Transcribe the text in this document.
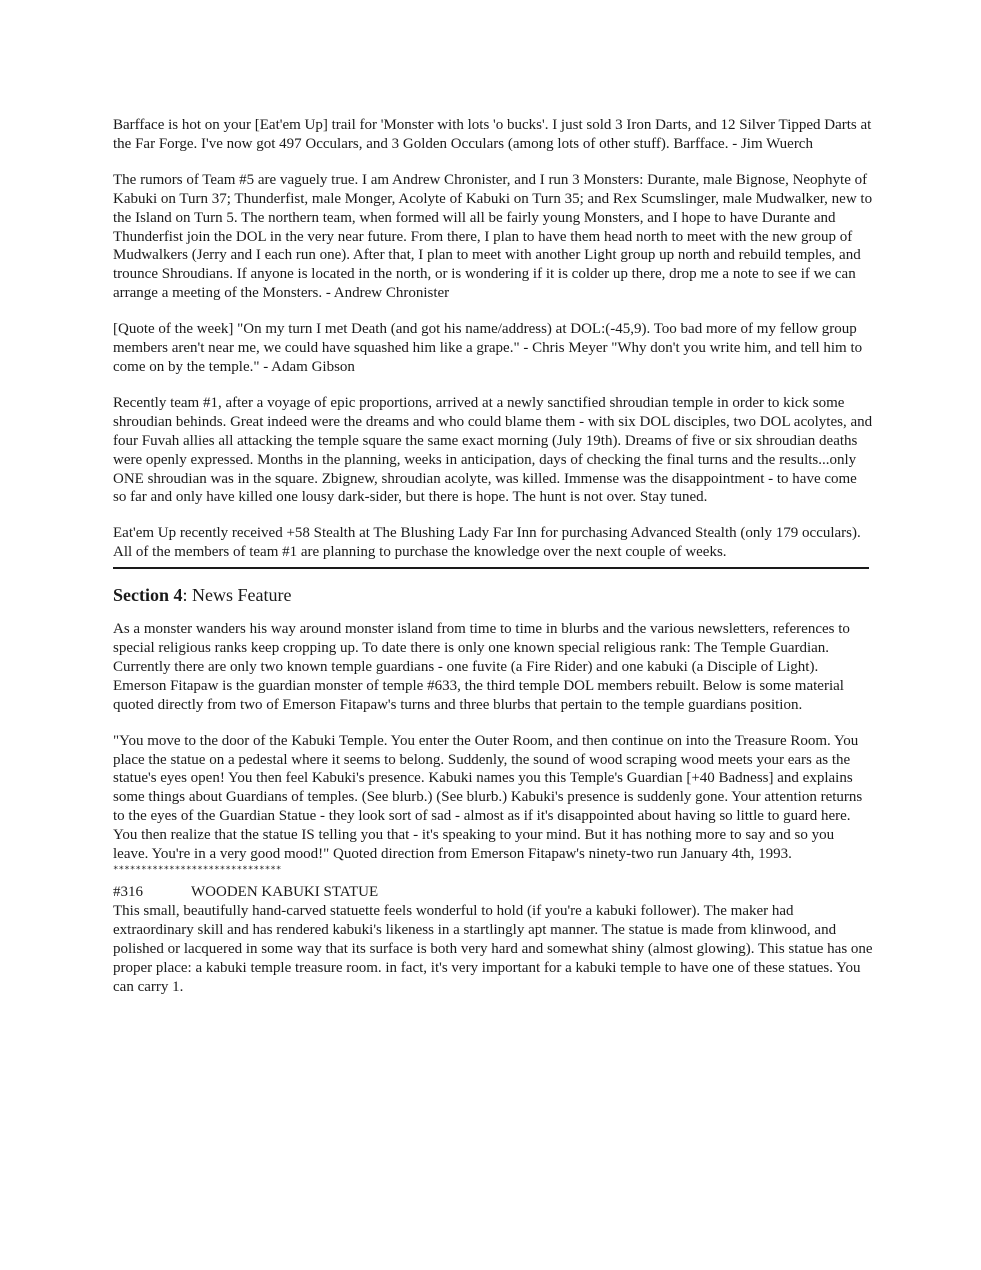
Barfface is hot on your [Eat'em Up] trail for 'Monster with lots 'o bucks'. I just sold 3 Iron Darts, and 12 Silver Tipped Darts at the Far Forge. I've now got 497 Occulars, and 3 Golden Occulars (among lots of other stuff). Barfface. - Jim Wuerch

The rumors of Team #5 are vaguely true. I am Andrew Chronister, and I run 3 Monsters: Durante, male Bignose, Neophyte of Kabuki on Turn 37; Thunderfist, male Monger, Acolyte of Kabuki on Turn 35; and Rex Scumslinger, male Mudwalker, new to the Island on Turn 5. The northern team, when formed will all be fairly young Monsters, and I hope to have Durante and Thunderfist join the DOL in the very near future. From there, I plan to have them head north to meet with the new group of Mudwalkers (Jerry and I each run one). After that, I plan to meet with another Light group up north and rebuild temples, and trounce Shroudians. If anyone is located in the north, or is wondering if it is colder up there, drop me a note to see if we can arrange a meeting of the Monsters. - Andrew Chronister

[Quote of the week] "On my turn I met Death (and got his name/address) at DOL:(-45,9). Too bad more of my fellow group members aren't near me, we could have squashed him like a grape." - Chris Meyer "Why don't you write him, and tell him to come on by the temple." - Adam Gibson

Recently team #1, after a voyage of epic proportions, arrived at a newly sanctified shroudian temple in order to kick some shroudian behinds. Great indeed were the dreams and who could blame them - with six DOL disciples, two DOL acolytes, and four Fuvah allies all attacking the temple square the same exact morning (July 19th). Dreams of five or six shroudian deaths were openly expressed. Months in the planning, weeks in anticipation, days of checking the final turns and the results...only ONE shroudian was in the square. Zbignew, shroudian acolyte, was killed. Immense was the disappointment - to have come so far and only have killed one lousy dark-sider, but there is hope. The hunt is not over. Stay tuned.

Eat'em Up recently received +58 Stealth at The Blushing Lady Far Inn for purchasing Advanced Stealth (only 179 occulars). All of the members of team #1 are planning to purchase the knowledge over the next couple of weeks.

Section 4: News Feature

As a monster wanders his way around monster island from time to time in blurbs and the various newsletters, references to special religious ranks keep cropping up. To date there is only one known special religious rank: The Temple Guardian. Currently there are only two known temple guardians - one fuvite (a Fire Rider) and one kabuki (a Disciple of Light). Emerson Fitapaw is the guardian monster of temple #633, the third temple DOL members rebuilt. Below is some material quoted directly from two of Emerson Fitapaw's turns and three blurbs that pertain to the temple guardians position.

"You move to the door of the Kabuki Temple. You enter the Outer Room, and then continue on into the Treasure Room. You place the statue on a pedestal where it seems to belong. Suddenly, the sound of wood scraping wood meets your ears as the statue's eyes open! You then feel Kabuki's presence. Kabuki names you this Temple's Guardian [+40 Badness] and explains some things about Guardians of temples. (See blurb.) (See blurb.) Kabuki's presence is suddenly gone. Your attention returns to the eyes of the Guardian Statue - they look sort of sad - almost as if it's disappointed about having so little to guard here. You then realize that the statue IS telling you that - it's speaking to your mind. But it has nothing more to say and so you leave. You're in a very good mood!" Quoted direction from Emerson Fitapaw's ninety-two run January 4th, 1993.

******************************
#316	WOODEN KABUKI STATUE

This small, beautifully hand-carved statuette feels wonderful to hold (if you're a kabuki follower). The maker had extraordinary skill and has rendered kabuki's likeness in a startlingly apt manner. The statue is made from klinwood, and polished or lacquered in some way that its surface is both very hard and somewhat shiny (almost glowing). This statue has one proper place: a kabuki temple treasure room. in fact, it's very important for a kabuki temple to have one of these statues. You can carry 1.
